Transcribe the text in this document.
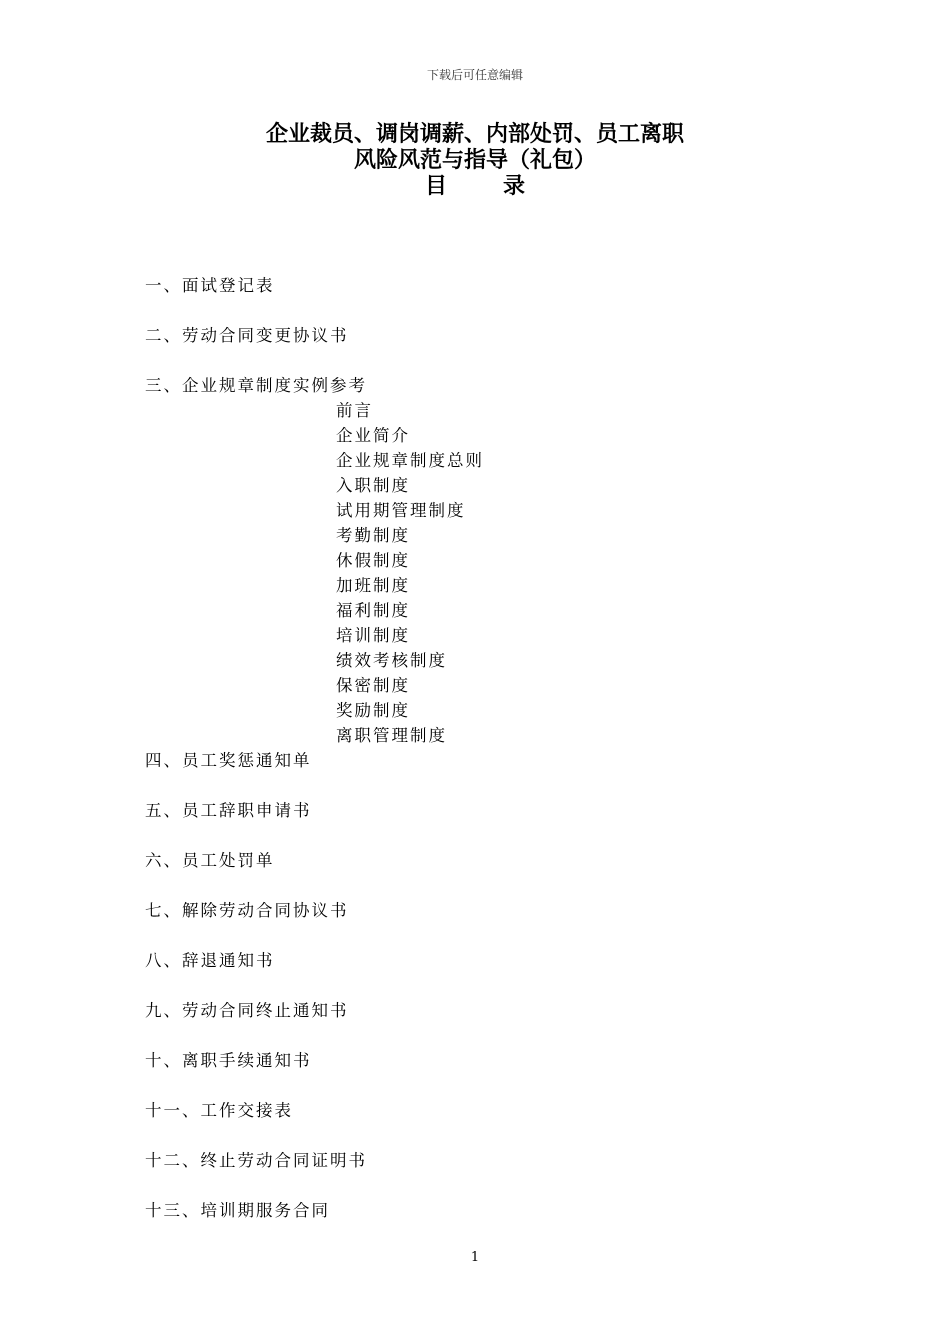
下载后可任意编辑
企业裁员、调岗调薪、内部处罚、员工离职
风险风范与指导（礼包）
目	录
一、面试登记表
二、劳动合同变更协议书
三、企业规章制度实例参考
前言
企业简介
企业规章制度总则
入职制度
试用期管理制度
考勤制度
休假制度
加班制度
福利制度
培训制度
绩效考核制度
保密制度
奖励制度
离职管理制度
四、员工奖惩通知单
五、员工辞职申请书
六、员工处罚单
七、解除劳动合同协议书
八、辞退通知书
九、劳动合同终止通知书
十、离职手续通知书
十一、工作交接表
十二、终止劳动合同证明书
十三、培训期服务合同
1
